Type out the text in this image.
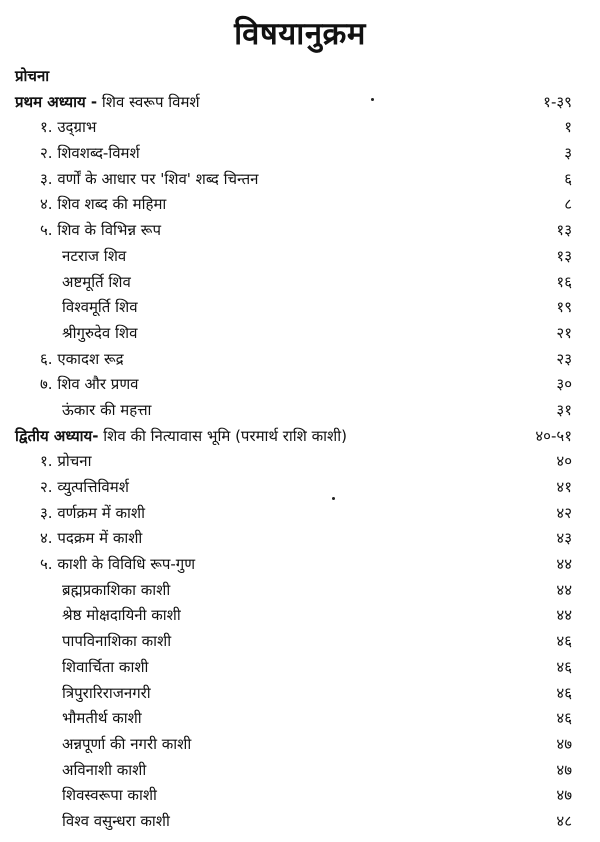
विषयानुक्रम
प्रोचना
प्रथम अध्याय - शिव स्वरूप विमर्श	१-३९
१. उद्‌ग्राभ	१
२. शिवशब्द-विमर्श	३
३. वर्णों के आधार पर 'शिव' शब्द चिन्तन	६
४. शिव शब्द की महिमा	८
५. शिव के विभिन्न रूप	१३
नटराज शिव	१३
अष्टमूर्ति शिव	१६
विश्वमूर्ति शिव	१९
श्रीगुरुदेव शिव	२१
६. एकादश रूद्र	२३
७. शिव और प्रणव	३०
ऊंकार की महत्ता	३१
द्वितीय अध्याय- शिव की नित्यावास भूमि (परमार्थ राशि काशी)	४०-५१
१. प्रोचना	४०
२. व्युत्पत्तिविमर्श	४१
३. वर्णक्रम में काशी	४२
४. पदक्रम में काशी	४३
५. काशी के विविधि रूप-गुण	४४
ब्रह्मप्रकाशिका काशी	४४
श्रेष्ठ मोक्षदायिनी काशी	४४
पापविनाशिका काशी	४६
शिवार्चिता काशी	४६
त्रिपुरारिराजनगरी	४६
भौमतीर्थ काशी	४६
अन्नपूर्णा की नगरी काशी	४७
अविनाशी काशी	४७
शिवस्वरूपा काशी	४७
विश्व वसुन्धरा काशी	४८
